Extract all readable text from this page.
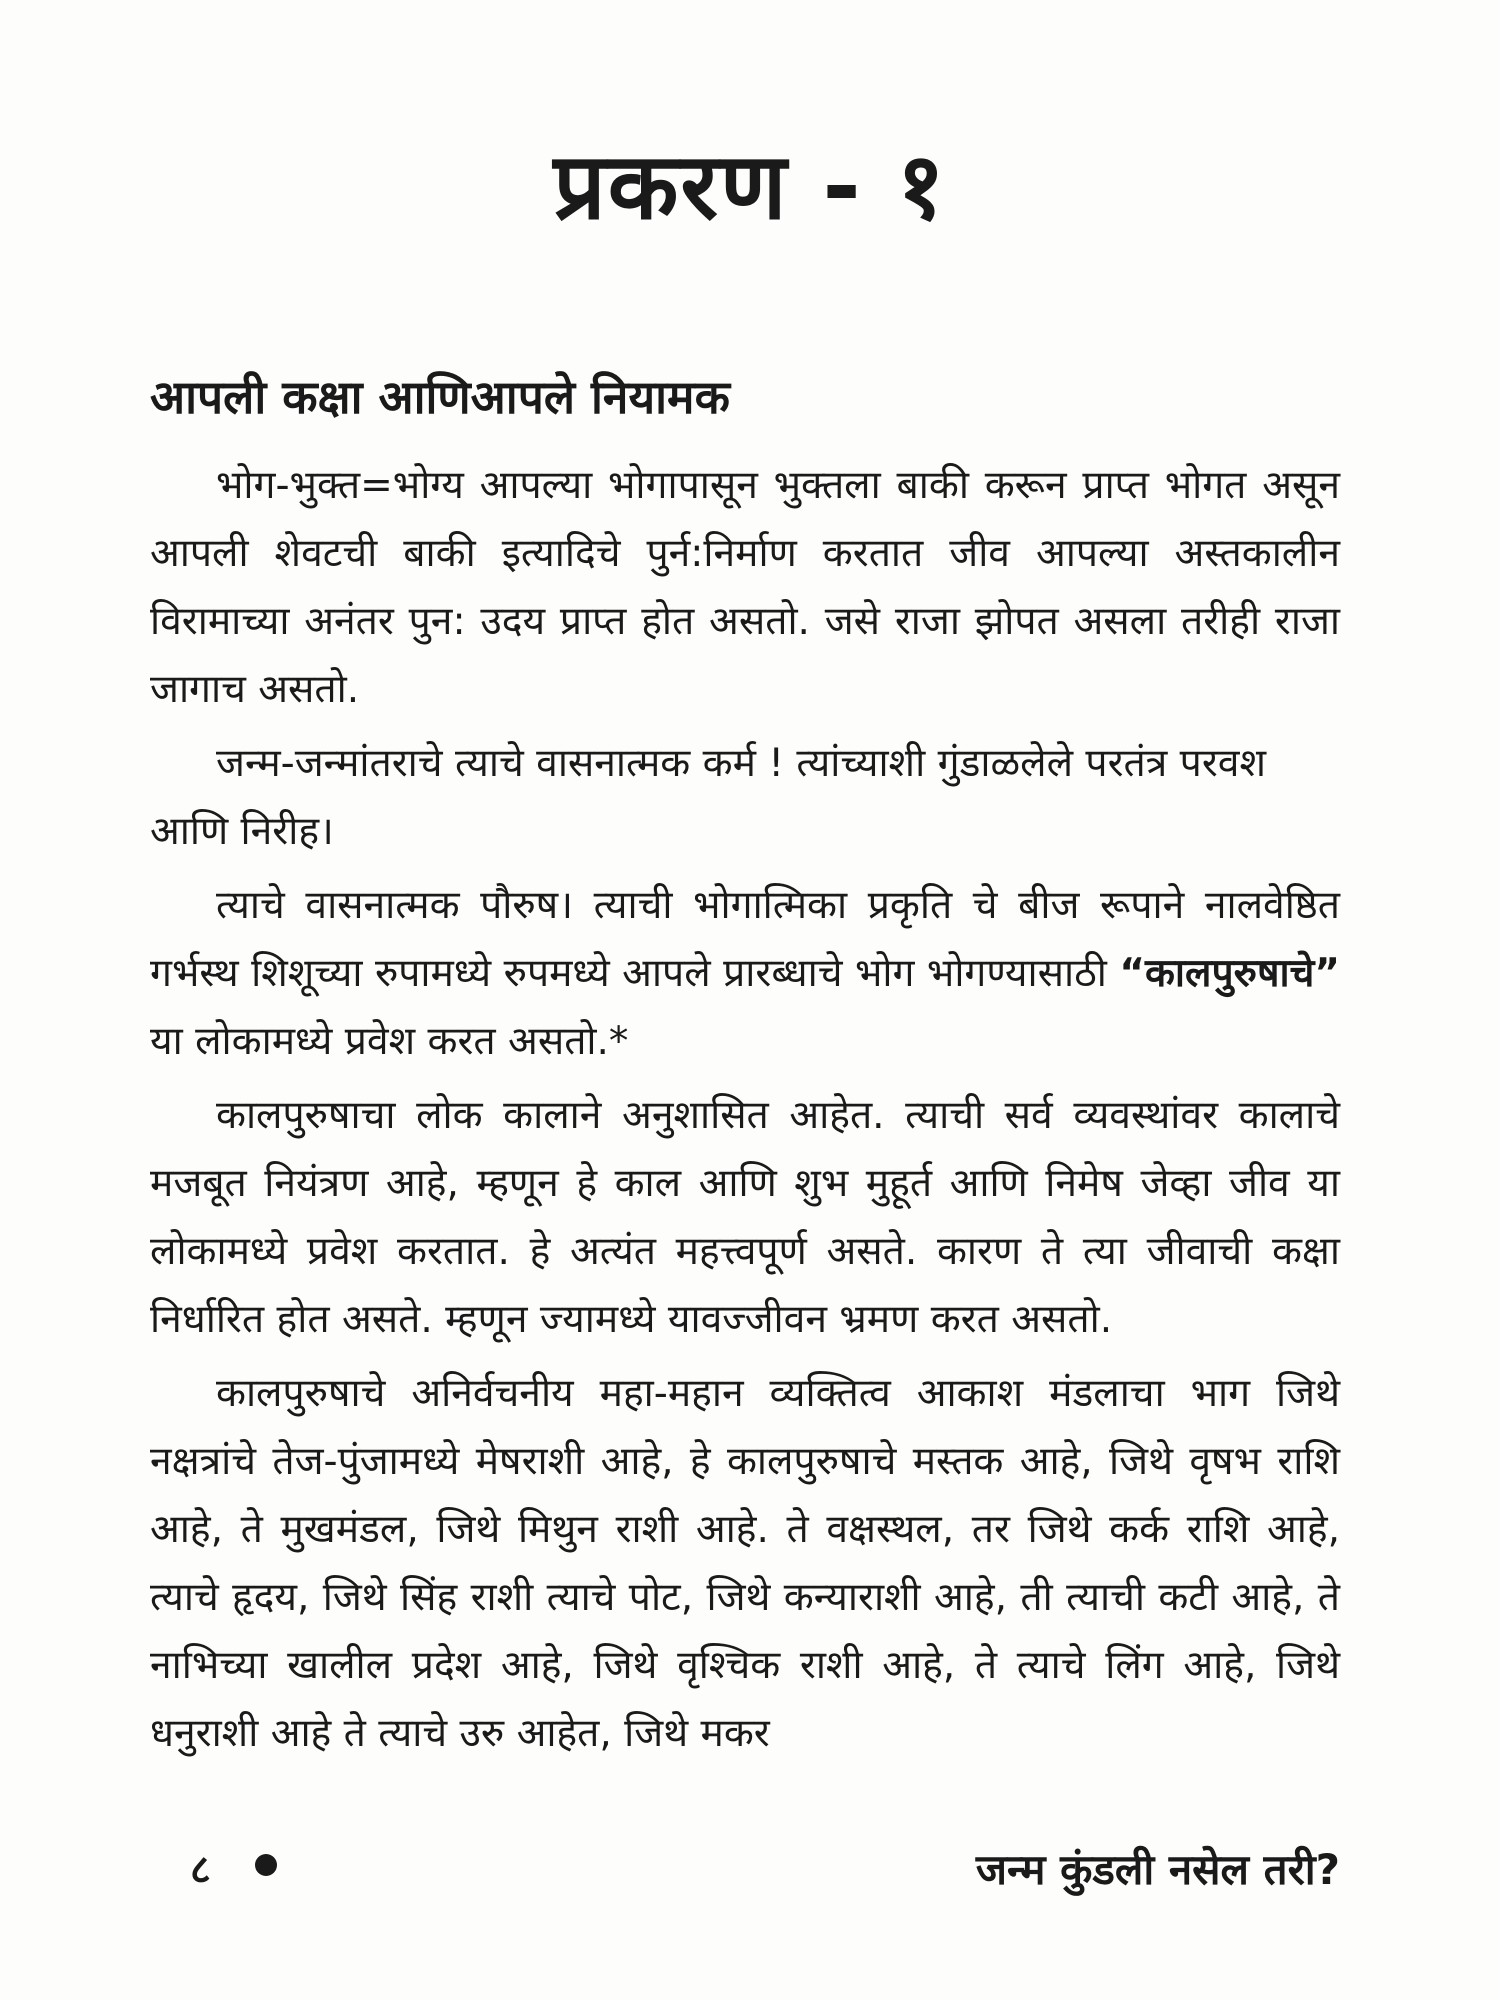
प्रकरण - १
आपली कक्षा आणिआपले नियामक

भोग-भुक्त=भोग्य आपल्या भोगापासून भुक्तला बाकी करून प्राप्त भोगत असून आपली शेवटची बाकी इत्यादिचे पुर्न:निर्माण करतात जीव आपल्या अस्तकालीन विरामाच्या अनंतर पुन: उदय प्राप्त होत असतो. जसे राजा झोपत असला तरीही राजा जागाच असतो.

जन्म-जन्मांतराचे त्याचे वासनात्मक कर्म ! त्यांच्याशी गुंडाळलेले परतंत्र परवश आणि निरीह।

त्याचे वासनात्मक पौरुष। त्याची भोगात्मिका प्रकृति चे बीज रूपाने नालवेष्ठित गर्भस्थ शिशूच्या रुपामध्ये रुपमध्ये आपले प्रारब्धाचे भोग भोगण्यासाठी “कालपुरुषाचे” या लोकामध्ये प्रवेश करत असतो.*

कालपुरुषाचा लोक कालाने अनुशासित आहेत. त्याची सर्व व्यवस्थांवर कालाचे मजबूत नियंत्रण आहे, म्हणून हे काल आणि शुभ मुहूर्त आणि निमेष जेव्हा जीव या लोकामध्ये प्रवेश करतात. हे अत्यंत महत्त्वपूर्ण असते. कारण ते त्या जीवाची कक्षा निर्धारित होत असते. म्हणून ज्यामध्ये यावज्जीवन भ्रमण करत असतो.

कालपुरुषाचे अनिर्वचनीय महा-महान व्यक्तित्व आकाश मंडलाचा भाग जिथे नक्षत्रांचे तेज-पुंजामध्ये मेषराशी आहे, हे कालपुरुषाचे मस्तक आहे, जिथे वृषभ राशि आहे, ते मुखमंडल, जिथे मिथुन राशी आहे. ते वक्षस्थल, तर जिथे कर्क राशि आहे, त्याचे हृदय, जिथे सिंह राशी त्याचे पोट, जिथे कन्याराशी आहे, ती त्याची कटी आहे, ते नाभिच्या खालील प्रदेश आहे, जिथे वृश्चिक राशी आहे, ते त्याचे लिंग आहे, जिथे धनुराशी आहे ते त्याचे उरु आहेत, जिथे मकर

८	जन्म कुंडली नसेल तरी?
